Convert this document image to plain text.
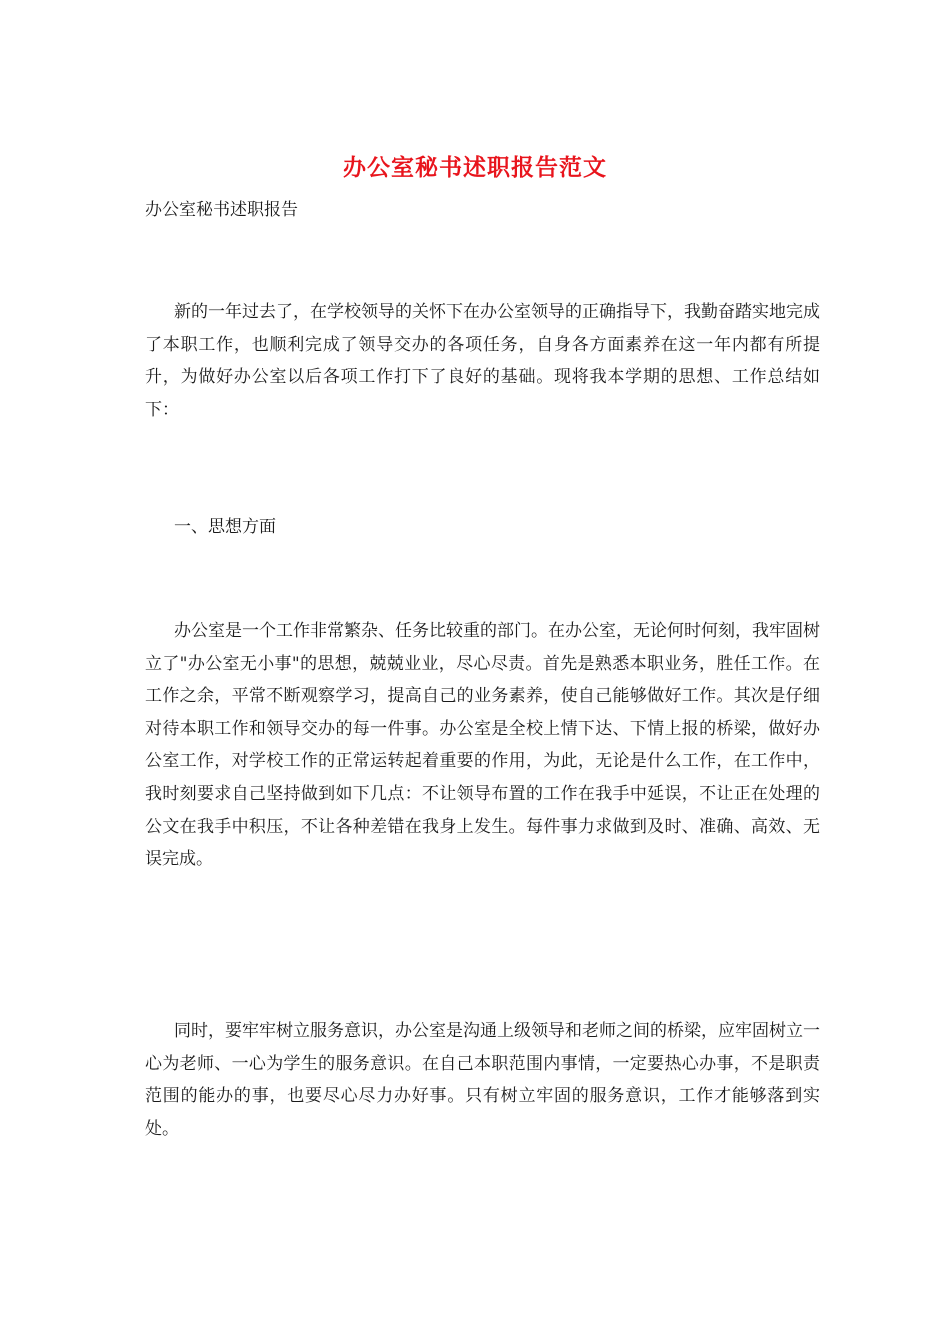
办公室秘书述职报告范文

办公室秘书述职报告

新的一年过去了，在学校领导的关怀下在办公室领导的正确指导下，我勤奋踏实地完成了本职工作，也顺利完成了领导交办的各项任务，自身各方面素养在这一年内都有所提升，为做好办公室以后各项工作打下了良好的基础。现将我本学期的思想、工作总结如下：

一、思想方面

办公室是一个工作非常繁杂、任务比较重的部门。在办公室，无论何时何刻，我牢固树立了"办公室无小事"的思想，兢兢业业，尽心尽责。首先是熟悉本职业务，胜任工作。在工作之余，平常不断观察学习，提高自己的业务素养，使自己能够做好工作。其次是仔细对待本职工作和领导交办的每一件事。办公室是全校上情下达、下情上报的桥梁，做好办公室工作，对学校工作的正常运转起着重要的作用，为此，无论是什么工作，在工作中，我时刻要求自己坚持做到如下几点：不让领导布置的工作在我手中延误，不让正在处理的公文在我手中积压，不让各种差错在我身上发生。每件事力求做到及时、准确、高效、无误完成。

同时，要牢牢树立服务意识，办公室是沟通上级领导和老师之间的桥梁，应牢固树立一心为老师、一心为学生的服务意识。在自己本职范围内事情，一定要热心办事，不是职责范围的能办的事，也要尽心尽力办好事。只有树立牢固的服务意识，工作才能够落到实处。
